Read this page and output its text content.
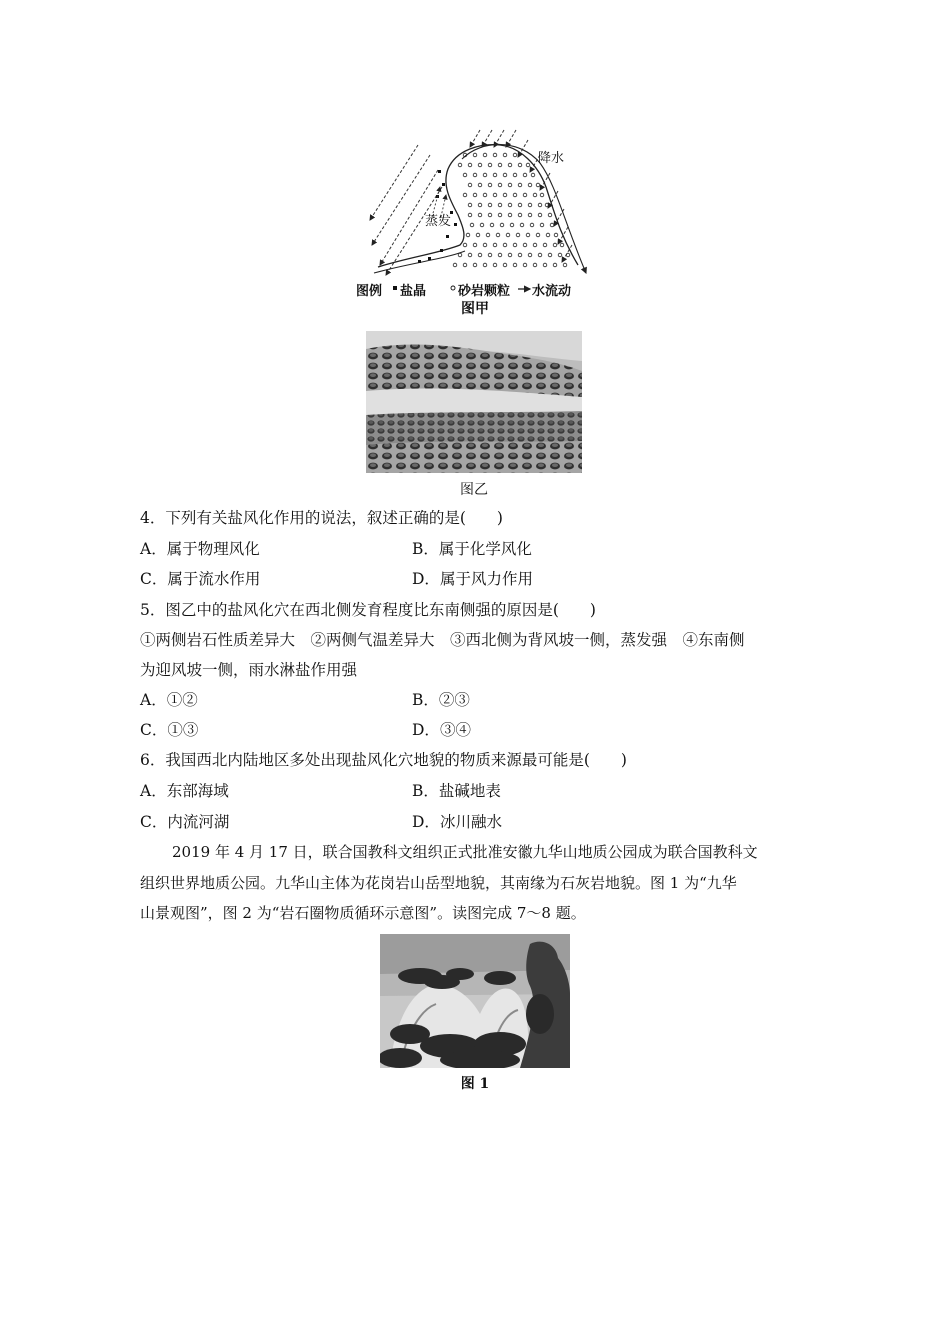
降水
蒸发
图例 盐晶 砂岩颗粒 水流动
图甲
图乙
4．下列有关盐风化作用的说法，叙述正确的是(　　)
A．属于物理风化	B．属于化学风化
C．属于流水作用	D．属于风力作用
5．图乙中的盐风化穴在西北侧发育程度比东南侧强的原因是(　　)
①两侧岩石性质差异大　②两侧气温差异大　③西北侧为背风坡一侧，蒸发强　④东南侧
为迎风坡一侧，雨水淋盐作用强
A．①②	B．②③
C．①③	D．③④
6．我国西北内陆地区多处出现盐风化穴地貌的物质来源最可能是(　　)
A．东部海域	B．盐碱地表
C．内流河湖	D．冰川融水
2019 年 4 月 17 日，联合国教科文组织正式批准安徽九华山地质公园成为联合国教科文
组织世界地质公园。九华山主体为花岗岩山岳型地貌，其南缘为石灰岩地貌。图 1 为“九华
山景观图”，图 2 为“岩石圈物质循环示意图”。读图完成 7～8 题。
图 1
